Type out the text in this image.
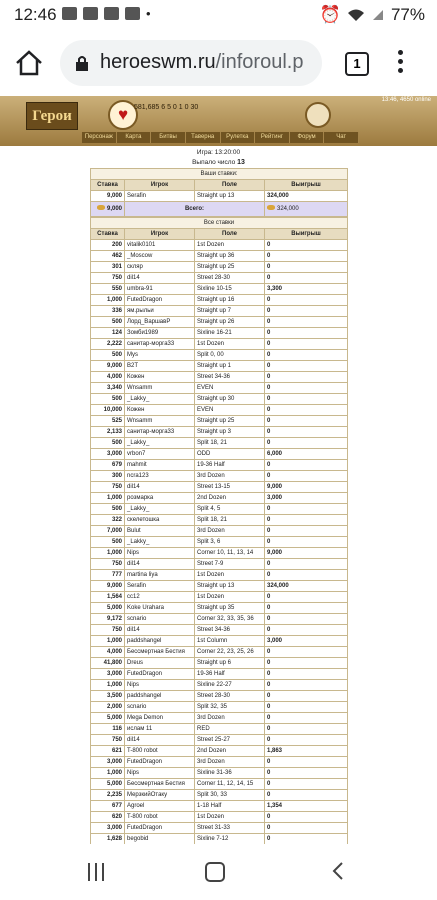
12:46	•	⏰	77%
heroeswm.ru/inforoul.p	1
Герои	♥ 581,685 6 5 0 1 0 30
13:46, 4650 online
Персонаж	Карта	Битвы	Таверна	Рулетка	Рейтинг	Форум	Чат
Игра: 13:20:00
Выпало число 13
Ваши ставки:			
Ставка	Игрок	Поле	Выигрыш
9,000	Serafin	Straight up 13	324,000
9,000	Всего:		324,000
Все ставки			
Ставка	Игрок	Поле	Выигрыш
200	vitalik0101	1st Dozen	0
462	_Moscow	Straight up 36	0
301	скляр	Straight up 25	0
750	dil14	Street 28-30	0
550	umbra-91	Sixline 10-15	3,300
1,000	FutedDragon	Straight up 16	0
336	ям.рыльи	Straight up 7	0
500	Лорд_ВаршавР	Straight up 26	0
124	Зомби1989	Sixline 16-21	0
2,222	санитар-морга33	1st Dozen	0
500	Mys	Split 0, 00	0
9,000	B2T	Straight up 1	0
4,000	Кожен	Street 34-36	0
3,340	Wnsamm	EVEN	0
500	_Lakky_	Straight up 30	0
10,000	Кожен	EVEN	0
525	Wnsamm	Straight up 25	0
2,133	санитар-морга33	Straight up 3	0
500	_Lakky_	Split 18, 21	0
3,000	vrbon7	ODD	6,000
679	mahmit	19-36 Half	0
300	ncra123	3rd Dozen	0
750	dil14	Street 13-15	9,000
1,000	розмарка	2nd Dozen	3,000
500	_Lakky_	Split 4, 5	0
322	скелетошка	Split 18, 21	0
7,000	Bulut	3rd Dozen	0
500	_Lakky_	Split 3, 6	0
1,000	Nips	Corner 10, 11, 13, 14	9,000
750	dil14	Street 7-9	0
777	martina liya	1st Dozen	0
9,000	Serafin	Straight up 13	324,000
1,564	cc12	1st Dozen	0
5,000	Koke Urahara	Straight up 35	0
9,172	scnario	Corner 32, 33, 35, 36	0
750	dil14	Street 34-36	0
1,000	paddshangel	1st Column	3,000
4,000	Бессмертная Бестия	Corner 22, 23, 25, 26	0
41,800	Dreus	Straight up 6	0
3,000	FutedDragon	19-36 Half	0
1,000	Nips	Sixline 22-27	0
3,500	paddshangel	Street 28-30	0
2,000	scnario	Split 32, 35	0
5,000	Mega Demon	3rd Dozen	0
116	ислам 11	RED	0
750	dil14	Street 25-27	0
621	T-800 robot	2nd Dozen	1,863
3,000	FutedDragon	3rd Dozen	0
1,000	Nips	Sixline 31-36	0
5,000	Бессмертная Бестия	Corner 11, 12, 14, 15	0
2,235	МерзкийОтаку	Split 30, 33	0
677	Agroel	1-18 Half	1,354
620	T-800 robot	1st Dozen	0
3,000	FutedDragon	Street 31-33	0
1,628	begobid	Sixline 7-12	0
